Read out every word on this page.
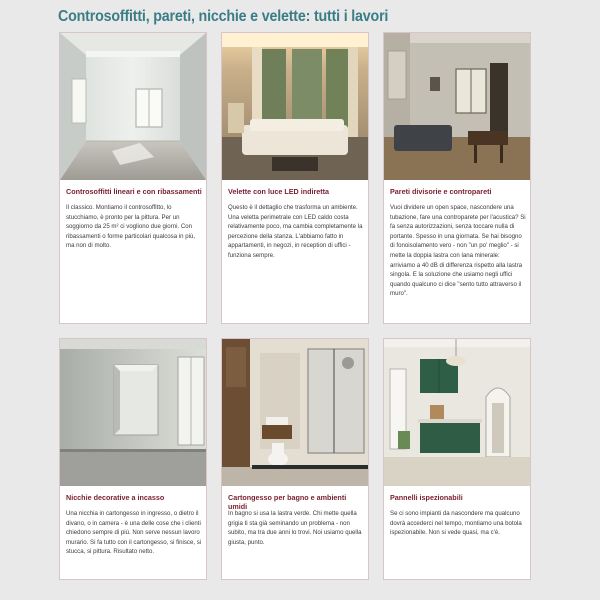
Controsoffitti, pareti, nicchie e velette: tutti i lavori
Controsoffitti lineari e con ribassamenti

Il classico. Montiamo il controsoffitto, lo stucchiamo, è pronto per la pittura. Per un soggiorno da 25 m² ci vogliono due giorni. Con ribassamenti o forme particolari qualcosa in più, ma non di molto.

Velette con luce LED indiretta

Questo è il dettaglio che trasforma un ambiente. Una veletta perimetrale con LED caldo costa relativamente poco, ma cambia completamente la percezione della stanza. L'abbiamo fatto in appartamenti, in negozi, in reception di uffici - funziona sempre.

Pareti divisorie e contropareti

Vuoi dividere un open space, nascondere una tubazione, fare una controparete per l'acustica? Si fa senza autorizzazioni, senza toccare nulla di portante. Spesso in una giornata. Se hai bisogno di fonoisolamento vero - non "un po' meglio" - si mette la doppia lastra con lana minerale: arriviamo a 40 dB di differenza rispetto alla lastra singola. E la soluzione che usiamo negli uffici quando qualcuno ci dice "sento tutto attraverso il muro".

Nicchie decorative a incasso

Una nicchia in cartongesso in ingresso, o dietro il divano, o in camera - è una delle cose che i clienti chiedono sempre di più. Non serve nessun lavoro murario. Si fa tutto con il cartongesso, si finisce, si stucca, si pittura. Risultato netto.

Cartongesso per bagno e ambienti umidi

In bagno si usa la lastra verde. Chi mette quella grigia ti sta già seminando un problema - non subito, ma tra due anni lo trovi. Noi usiamo quella giusta, punto.

Pannelli ispezionabili

Se ci sono impianti da nascondere ma qualcuno dovrà accederci nel tempo, montiamo una botola ispezionabile. Non si vede quasi, ma c'è.
